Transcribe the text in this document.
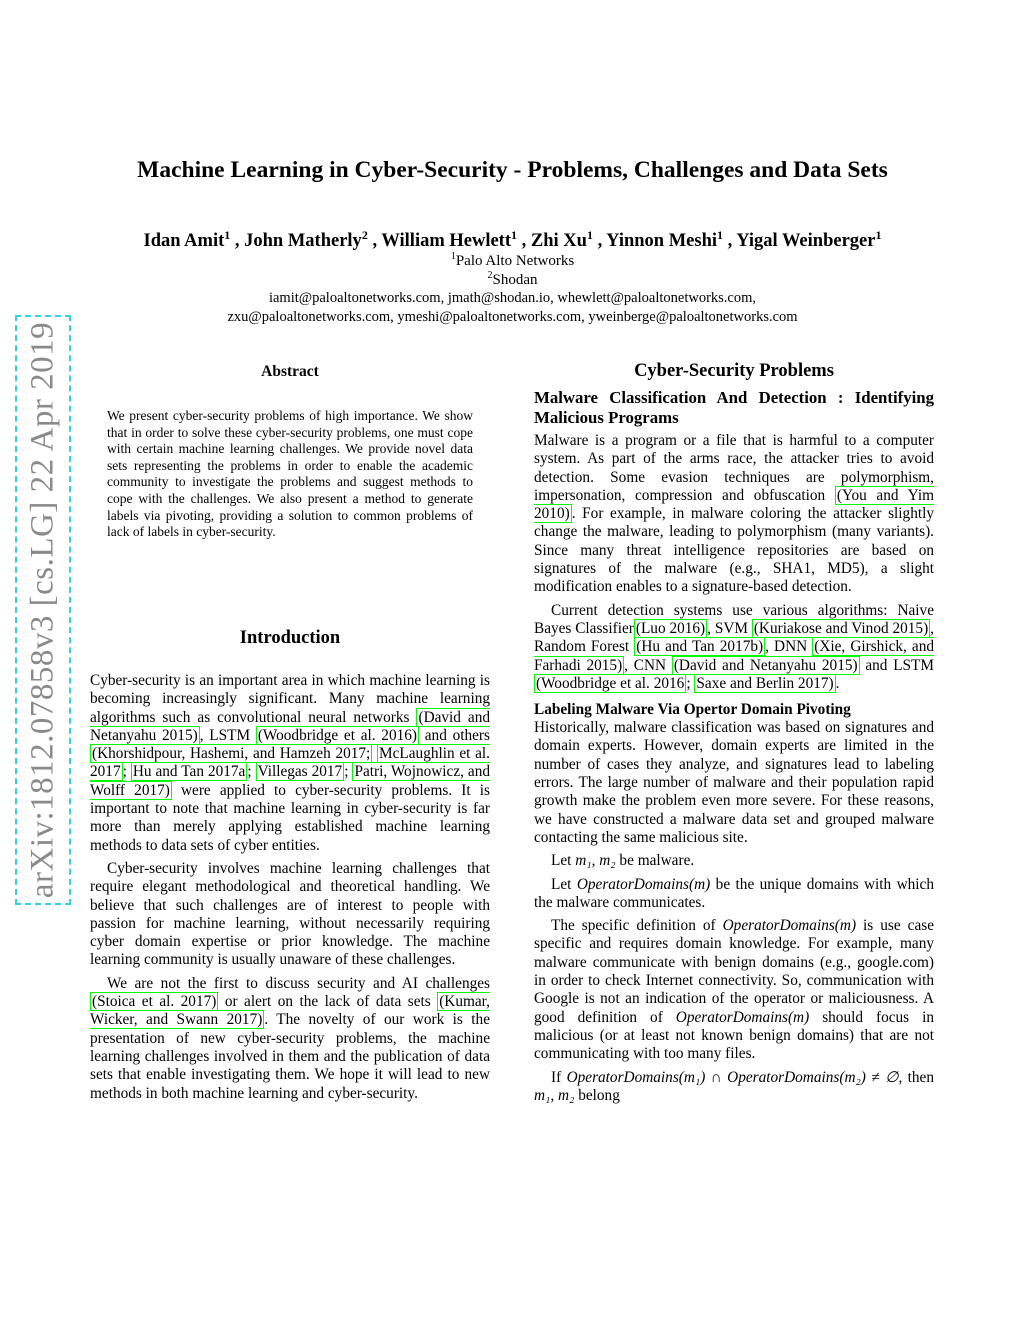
arXiv:1812.07858v3 [cs.LG] 22 Apr 2019
Machine Learning in Cyber-Security - Problems, Challenges and Data Sets
Idan Amit$^1$ , John Matherly$^2$ , William Hewlett$^1$ , Zhi Xu$^1$ , Yinnon Meshi$^1$ , Yigal Weinberger$^1$
$^1$Palo Alto Networks
$^2$Shodan
iamit@paloaltonetworks.com, jmath@shodan.io, whewlett@paloaltonetworks.com,
zxu@paloaltonetworks.com, ymeshi@paloaltonetworks.com, yweinberge@paloaltonetworks.com
Abstract
We present cyber-security problems of high importance. We show that in order to solve these cyber-security problems, one must cope with certain machine learning challenges. We provide novel data sets representing the problems in order to enable the academic community to investigate the problems and suggest methods to cope with the challenges. We also present a method to generate labels via pivoting, providing a solution to common problems of lack of labels in cyber-security.
Introduction

Cyber-security is an important area in which machine learning is becoming increasingly significant. Many machine learning algorithms such as convolutional neural networks (David and Netanyahu 2015) , LSTM (Woodbridge et al. 2016) and others (Khorshidpour, Hashemi, and Hamzeh 2017; McLaughlin et al. 2017 ; Hu and Tan 2017a ; Villegas 2017 ; Patri, Wojnowicz, and Wolff 2017) were applied to cyber-security problems. It is important to note that machine learning in cyber-security is far more than merely applying established machine learning methods to data sets of cyber entities.

Cyber-security involves machine learning challenges that require elegant methodological and theoretical handling. We believe that such challenges are of interest to people with passion for machine learning, without necessarily requiring cyber domain expertise or prior knowledge. The machine learning community is usually unaware of these challenges.

We are not the first to discuss security and AI challenges (Stoica et al. 2017) or alert on the lack of data sets (Kumar, Wicker, and Swann 2017) . The novelty of our work is the presentation of new cyber-security problems, the machine learning challenges involved in them and the publication of data sets that enable investigating them. We hope it will lead to new methods in both machine learning and cyber-security.

Cyber-Security Problems
Malware Classification And Detection : Identifying Malicious Programs

Malware is a program or a file that is harmful to a computer system. As part of the arms race, the attacker tries to avoid detection. Some evasion techniques are polymorphism, impersonation, compression and obfuscation (You and Yim 2010) . For example, in malware coloring the attacker slightly change the malware, leading to polymorphism (many variants). Since many threat intelligence repositories are based on signatures of the malware (e.g., SHA1, MD5), a slight modification enables to a signature-based detection.

Current detection systems use various algorithms: Naive Bayes Classifier (Luo 2016) , SVM (Kuriakose and Vinod 2015) , Random Forest (Hu and Tan 2017b) , DNN (Xie, Girshick, and Farhadi 2015) , CNN (David and Netanyahu 2015) and LSTM (Woodbridge et al. 2016 ; Saxe and Berlin 2017) .

Labeling Malware Via Opertor Domain Pivoting

Historically, malware classification was based on signatures and domain experts. However, domain experts are limited in the number of cases they analyze, and signatures lead to labeling errors. The large number of malware and their population rapid growth make the problem even more severe. For these reasons, we have constructed a malware data set and grouped malware contacting the same malicious site.

Let m₁, m₂ be malware.

Let OperatorDomains(m) be the unique domains with which the malware communicates.

The specific definition of OperatorDomains(m) is use case specific and requires domain knowledge. For example, many malware communicate with benign domains (e.g., google.com) in order to check Internet connectivity. So, communication with Google is not an indication of the operator or maliciousness. A good definition of OperatorDomains(m) should focus in malicious (or at least not known benign domains) that are not communicating with too many files.

If OperatorDomains(m₁) ∩ OperatorDomains(m₂) ≠ ∅, then m₁, m₂ belong
